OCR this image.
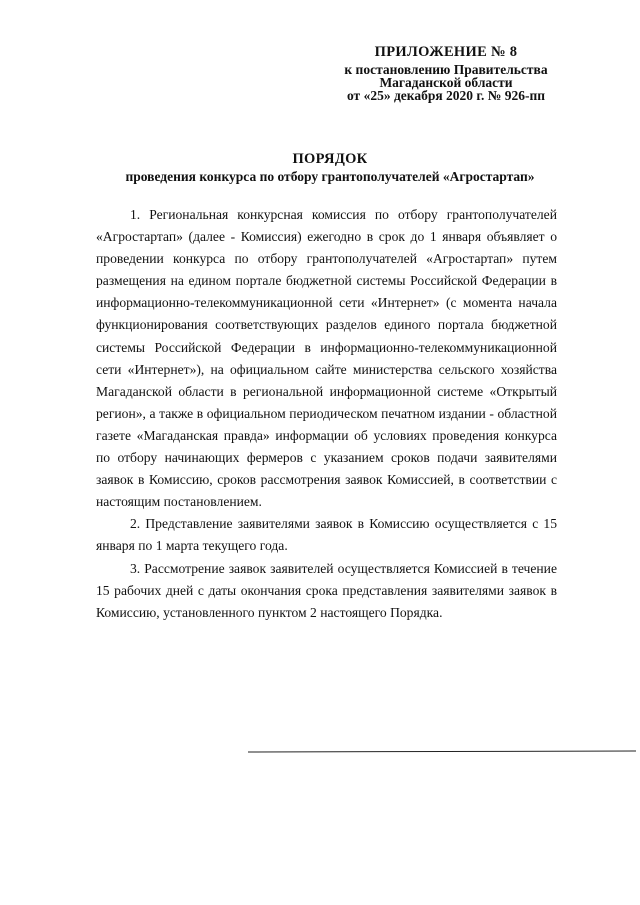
ПРИЛОЖЕНИЕ № 8
к постановлению Правительства
Магаданской области
от «25» декабря 2020 г. № 926-пп
ПОРЯДОК
проведения конкурса по отбору грантополучателей «Агростартап»

1. Региональная конкурсная комиссия по отбору грантополучателей «Агростартап» (далее - Комиссия) ежегодно в срок до 1 января объявляет о проведении конкурса по отбору грантополучателей «Агростартап» путем размещения на едином портале бюджетной системы Российской Федерации в информационно-телекоммуникационной сети «Интернет» (с момента начала функционирования соответствующих разделов единого портала бюджетной системы Российской Федерации в информационно-телекоммуникационной сети «Интернет»), на официальном сайте министерства сельского хозяйства Магаданской области в региональной информационной системе «Открытый регион», а также в официальном периодическом печатном издании - областной газете «Магаданская правда» информации об условиях проведения конкурса по отбору начинающих фермеров с указанием сроков подачи заявителями заявок в Комиссию, сроков рассмотрения заявок Комиссией, в соответствии с настоящим постановлением.

2. Представление заявителями заявок в Комиссию осуществляется с 15 января по 1 марта текущего года.

3. Рассмотрение заявок заявителей осуществляется Комиссией в течение 15 рабочих дней с даты окончания срока представления заявителями заявок в Комиссию, установленного пунктом 2 настоящего Порядка.
